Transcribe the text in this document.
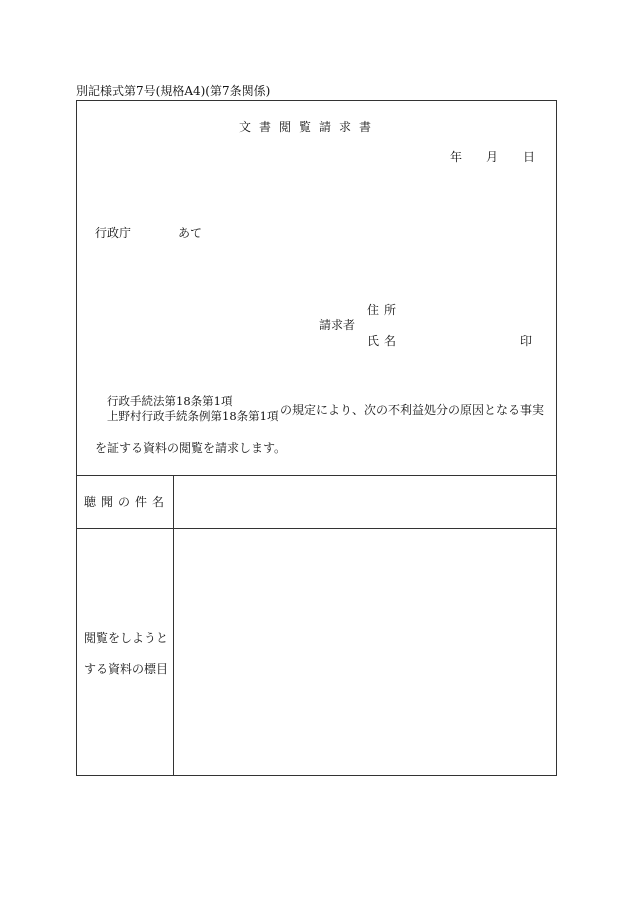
別記様式第7号(規格A4)(第7条関係)
文書閲覧請求書
年 月 日
行政庁	あて
請求者
住所
氏名	印
行政手続法第18条第1項
上野村行政手続条例第18条第1項 の規定により、次の不利益処分の原因となる事実
を証する資料の閲覧を請求します。
聴聞の件名
閲覧をしようと
する資料の標目
